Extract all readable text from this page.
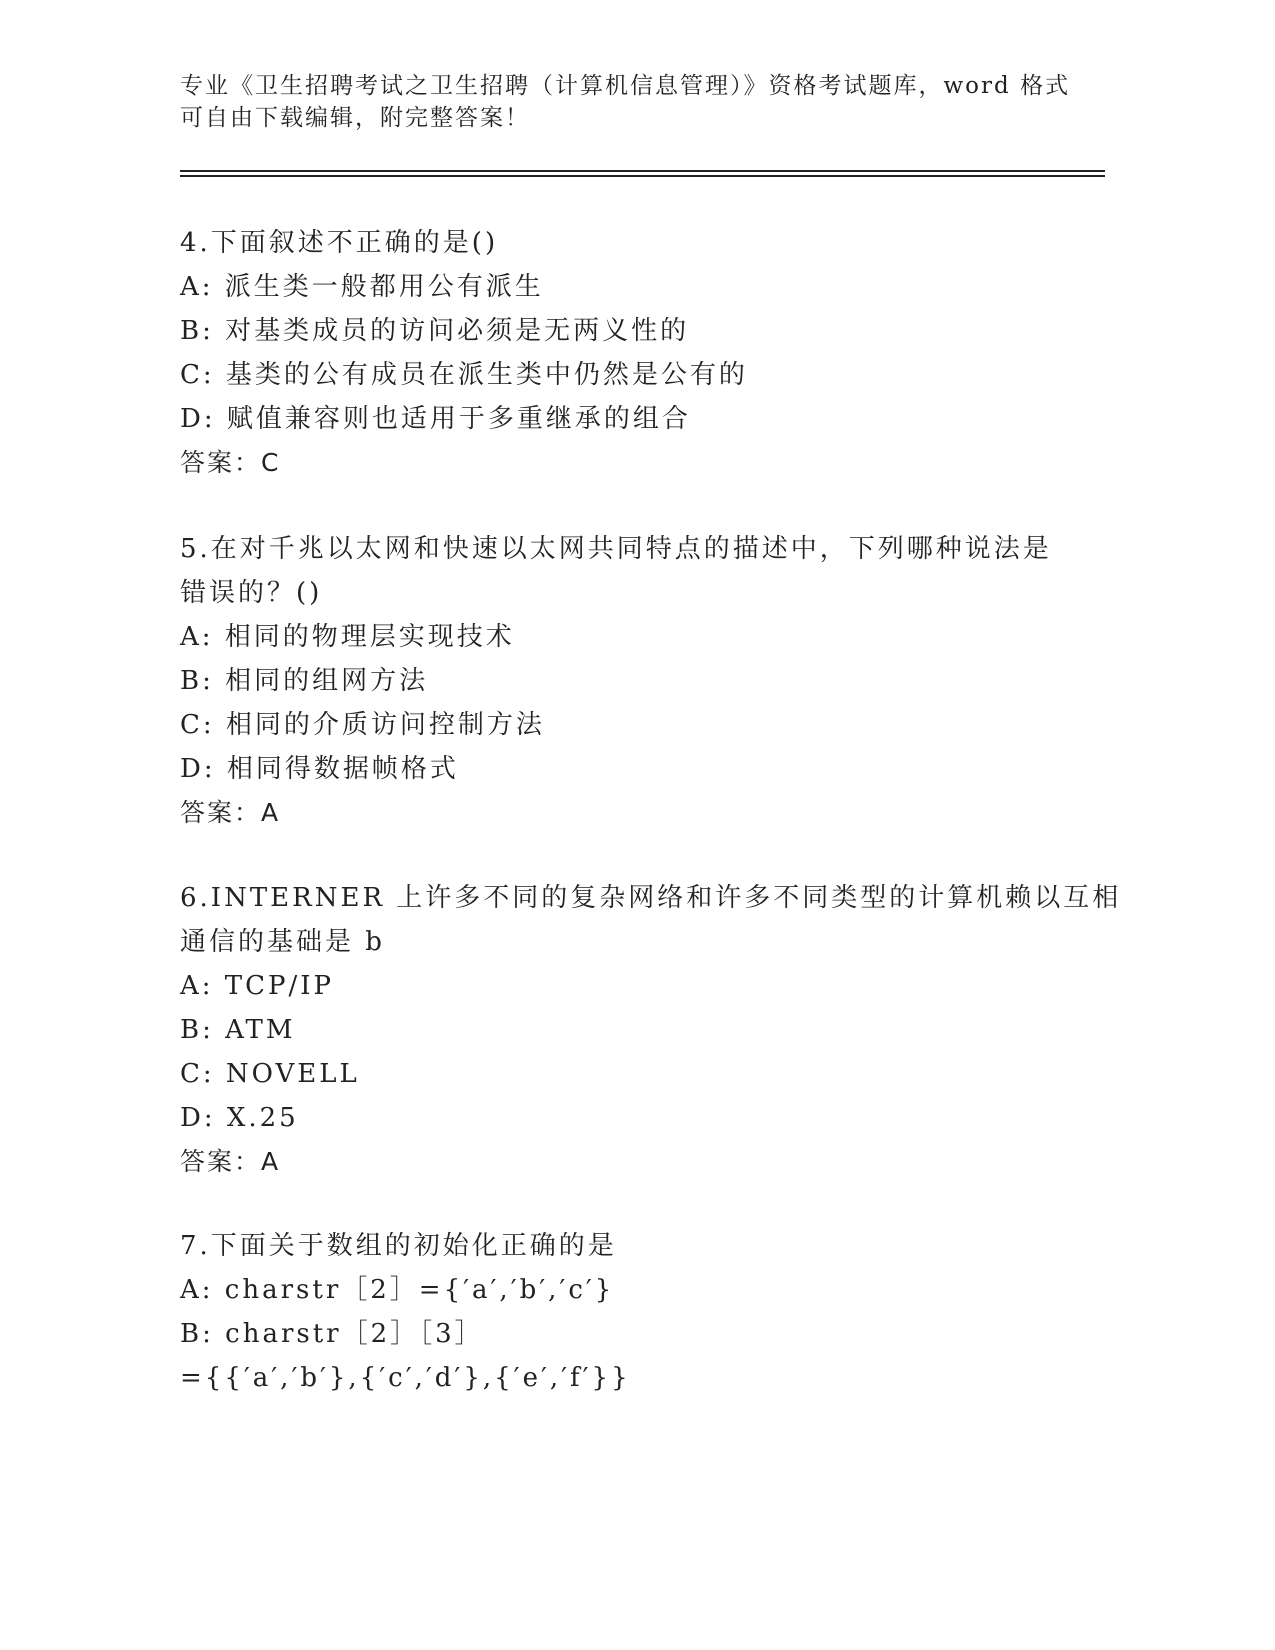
专业《卫生招聘考试之卫生招聘（计算机信息管理）》资格考试题库，word 格式
可自由下载编辑，附完整答案！
4.下面叙述不正确的是()
A: 派生类一般都用公有派生
B: 对基类成员的访问必须是无两义性的
C: 基类的公有成员在派生类中仍然是公有的
D: 赋值兼容则也适用于多重继承的组合
答案：C
5.在对千兆以太网和快速以太网共同特点的描述中，下列哪种说法是
错误的？()
A: 相同的物理层实现技术
B: 相同的组网方法
C: 相同的介质访问控制方法
D: 相同得数据帧格式
答案：A
6.INTERNER 上许多不同的复杂网络和许多不同类型的计算机赖以互相
通信的基础是 b
A: TCP/IP
B: ATM
C: NOVELL
D: X.25
答案：A
7.下面关于数组的初始化正确的是
A: charstr［2］={′a′,′b′,′c′}
B: charstr［2］［3］
={{′a′,′b′},{′c′,′d′},{′e′,′f′}}
